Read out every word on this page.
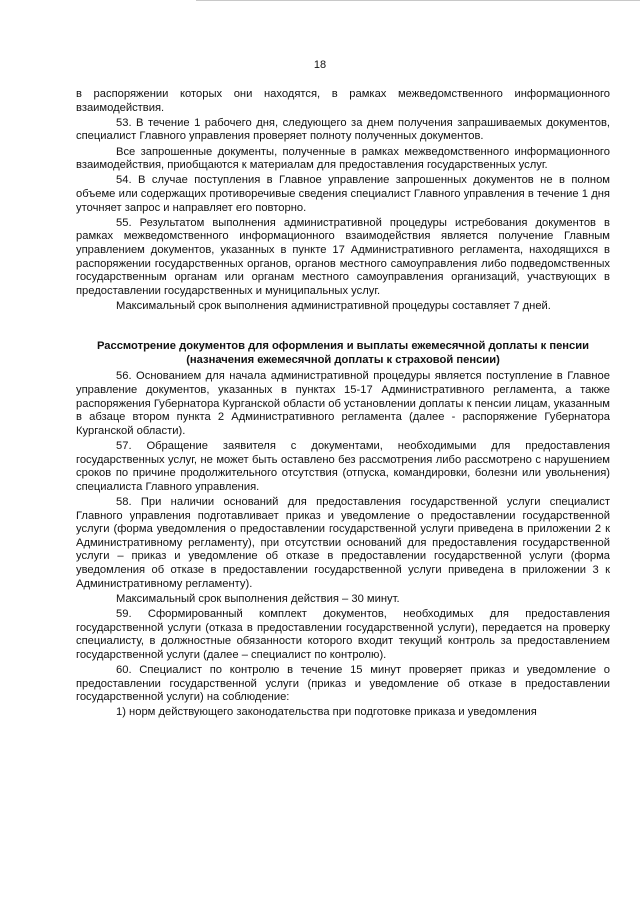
18

в распоряжении которых они находятся, в рамках межведомственного информационного взаимодействия.

53. В течение 1 рабочего дня, следующего за днем получения запрашиваемых документов, специалист Главного управления проверяет полноту полученных документов.

Все запрошенные документы, полученные в рамках межведомственного информационного взаимодействия, приобщаются к материалам для предоставления государственных услуг.

54. В случае поступления в Главное управление запрошенных документов не в полном объеме или содержащих противоречивые сведения специалист Главного управления в течение 1 дня уточняет запрос и направляет его повторно.

55. Результатом выполнения административной процедуры истребования документов в рамках межведомственного информационного взаимодействия является получение Главным управлением документов, указанных в пункте 17 Административного регламента, находящихся в распоряжении государственных органов, органов местного самоуправления либо подведомственных государственным органам или органам местного самоуправления организаций, участвующих в предоставлении государственных и муниципальных услуг.

Максимальный срок выполнения административной процедуры составляет 7 дней.

Рассмотрение документов для оформления и выплаты ежемесячной доплаты к пенсии (назначения ежемесячной доплаты к страховой пенсии)

56. Основанием для начала административной процедуры является поступление в Главное управление документов, указанных в пунктах 15-17 Административного регламента, а также распоряжения Губернатора Курганской области об установлении доплаты к пенсии лицам, указанным в абзаце втором пункта 2 Административного регламента (далее - распоряжение Губернатора Курганской области).

57. Обращение заявителя с документами, необходимыми для предоставления государственных услуг, не может быть оставлено без рассмотрения либо рассмотрено с нарушением сроков по причине продолжительного отсутствия (отпуска, командировки, болезни или увольнения) специалиста Главного управления.

58. При наличии оснований для предоставления государственной услуги специалист Главного управления подготавливает приказ и уведомление о предоставлении государственной услуги (форма уведомления о предоставлении государственной услуги приведена в приложении 2 к Административному регламенту), при отсутствии оснований для предоставления государственной услуги – приказ и уведомление об отказе в предоставлении государственной услуги (форма уведомления об отказе в предоставлении государственной услуги приведена в приложении 3 к Административному регламенту).

Максимальный срок выполнения действия – 30 минут.

59. Сформированный комплект документов, необходимых для предоставления государственной услуги (отказа в предоставлении государственной услуги), передается на проверку специалисту, в должностные обязанности которого входит текущий контроль за предоставлением государственной услуги (далее – специалист по контролю).

60. Специалист по контролю в течение 15 минут проверяет приказ и уведомление о предоставлении государственной услуги (приказ и уведомление об отказе в предоставлении государственной услуги) на соблюдение:

1) норм действующего законодательства при подготовке приказа и уведомления
